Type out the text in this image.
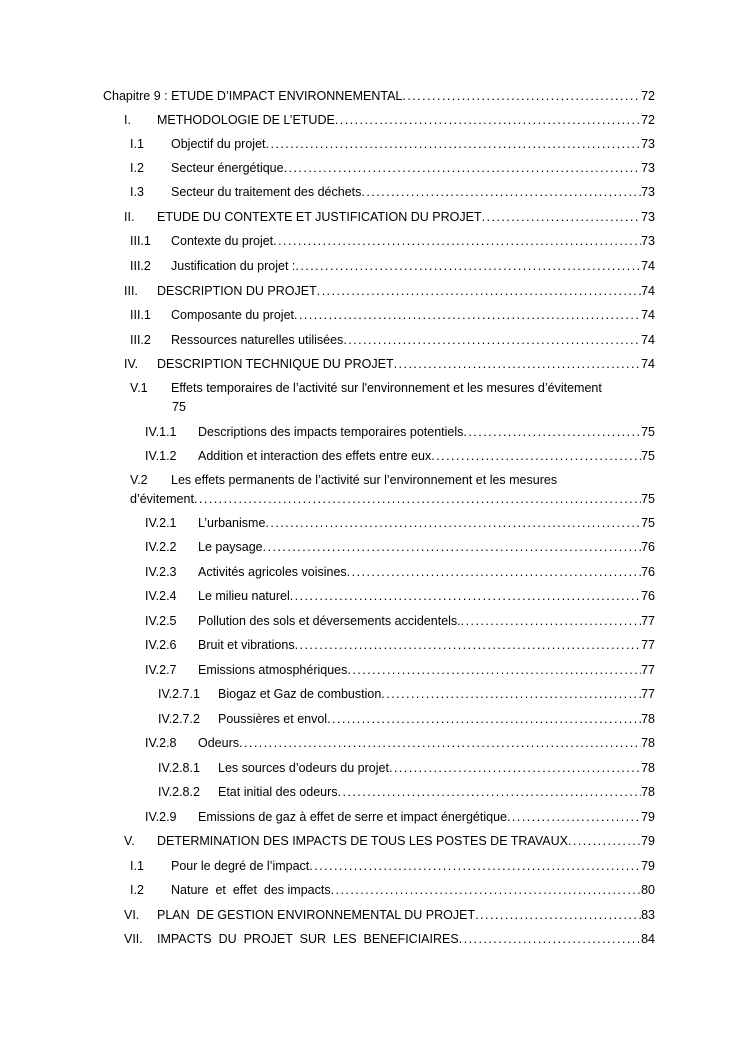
Chapitre 9 : ETUDE D’IMPACT ENVIRONNEMENTAL . . .	72
I.	METHODOLOGIE DE L’ETUDE . . .	72
I.1	Objectif du projet . . .	73
I.2	Secteur énergétique . . .	73
I.3	Secteur du traitement des déchets . . .	73
II.	ETUDE DU CONTEXTE ET JUSTIFICATION DU PROJET . . .	73
III.1	Contexte du projet . . .	73
III.2	Justification du projet : . . .	74
III.	DESCRIPTION DU PROJET . . .	74
III.1	Composante du projet . . .	74
III.2	Ressources naturelles utilisées . . .	74
IV.	DESCRIPTION TECHNIQUE DU PROJET . . .	74
V.1	Effets temporaires de l’activité sur l'environnement et les mesures d’évitement
75
IV.1.1	Descriptions des impacts temporaires potentiels . . .	75
IV.1.2	Addition et interaction des effets entre eux . . .	75
V.2 Les effets permanents de l’activité sur l’environnement et les mesures
d’évitement . . .	75
IV.2.1	L’urbanisme . . .	75
IV.2.2	Le paysage . . .	76
IV.2.3	Activités agricoles voisines . . .	76
IV.2.4	Le milieu naturel . . .	76
IV.2.5	Pollution des sols et déversements accidentels. . . .	77
IV.2.6	Bruit et vibrations . . .	77
IV.2.7	Emissions atmosphériques . . .	77
IV.2.7.1	Biogaz et Gaz de combustion . . .	77
IV.2.7.2	Poussières et envol . . .	78
IV.2.8	Odeurs . . .	78
IV.2.8.1	Les sources d’odeurs du projet . . .	78
IV.2.8.2	Etat initial des odeurs . . .	78
IV.2.9	Emissions de gaz à effet de serre et impact énergétique . . .	79
V.	DETERMINATION DES IMPACTS DE TOUS LES POSTES DE TRAVAUX . . .	79
I.1	Pour le degré de l’impact . . .	79
I.2	Nature  et  effet  des impacts . . .	80
VI.	PLAN  DE GESTION ENVIRONNEMENTAL DU PROJET . . .	83
VII.	IMPACTS  DU  PROJET  SUR  LES  BENEFICIAIRES . . .	84
